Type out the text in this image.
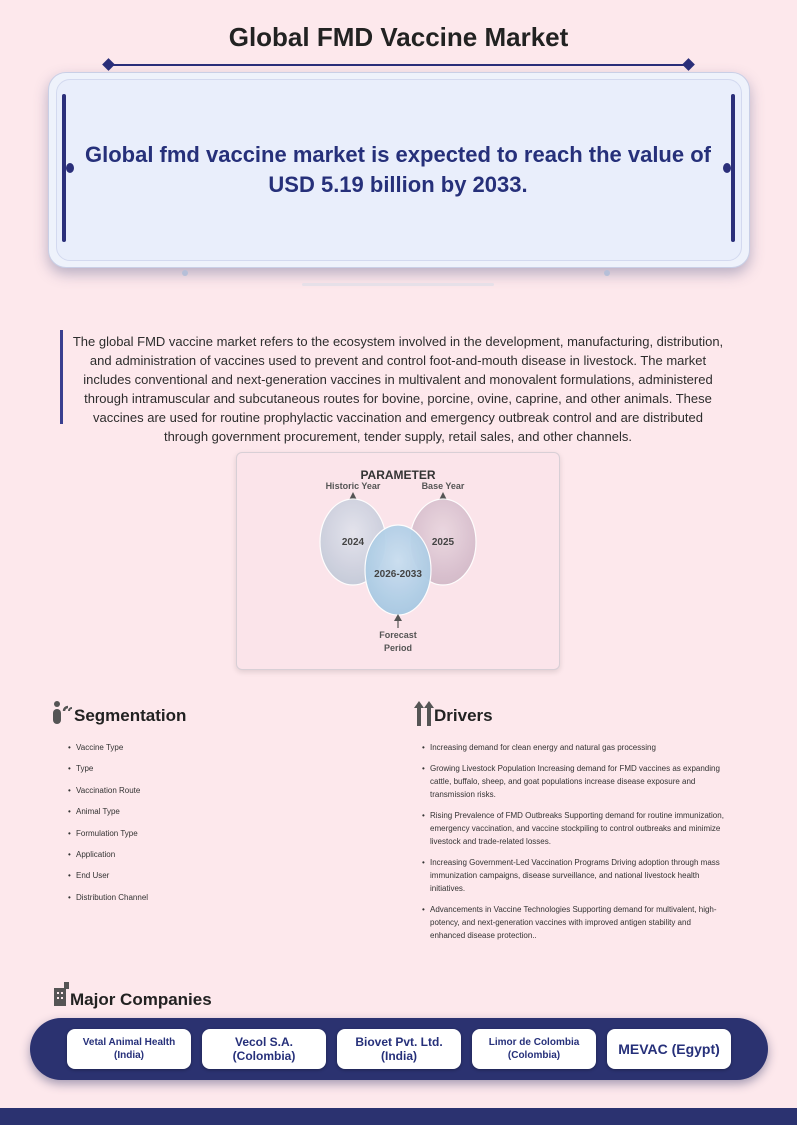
Global FMD Vaccine Market
Global fmd vaccine market is expected to reach the value of USD 5.19 billion by 2033.
The global FMD vaccine market refers to the ecosystem involved in the development, manufacturing, distribution, and administration of vaccines used to prevent and control foot-and-mouth disease in livestock. The market includes conventional and next-generation vaccines in multivalent and monovalent formulations, administered through intramuscular and subcutaneous routes for bovine, porcine, ovine, caprine, and other animals. These vaccines are used for routine prophylactic vaccination and emergency outbreak control and are distributed through government procurement, tender supply, retail sales, and other channels.
PARAMETER
Historic Year	Base Year
2024	2025
2026-2033
Forecast
Period
Segmentation
• Vaccine Type
• Type
• Vaccination Route
• Animal Type
• Formulation Type
• Application
• End User
• Distribution Channel
Drivers
• Increasing demand for clean energy and natural gas processing
• Growing Livestock Population Increasing demand for FMD vaccines as expanding cattle, buffalo, sheep, and goat populations increase disease exposure and transmission risks.
• Rising Prevalence of FMD Outbreaks Supporting demand for routine immunization, emergency vaccination, and vaccine stockpiling to control outbreaks and minimize livestock and trade-related losses.
• Increasing Government-Led Vaccination Programs Driving adoption through mass immunization campaigns, disease surveillance, and national livestock health initiatives.
• Advancements in Vaccine Technologies Supporting demand for multivalent, high-potency, and next-generation vaccines with improved antigen stability and enhanced disease protection..
Major Companies
Vetal Animal Health (India)
Vecol S.A. (Colombia)
Biovet Pvt. Ltd. (India)
Limor de Colombia (Colombia)	MEVAC (Egypt)
